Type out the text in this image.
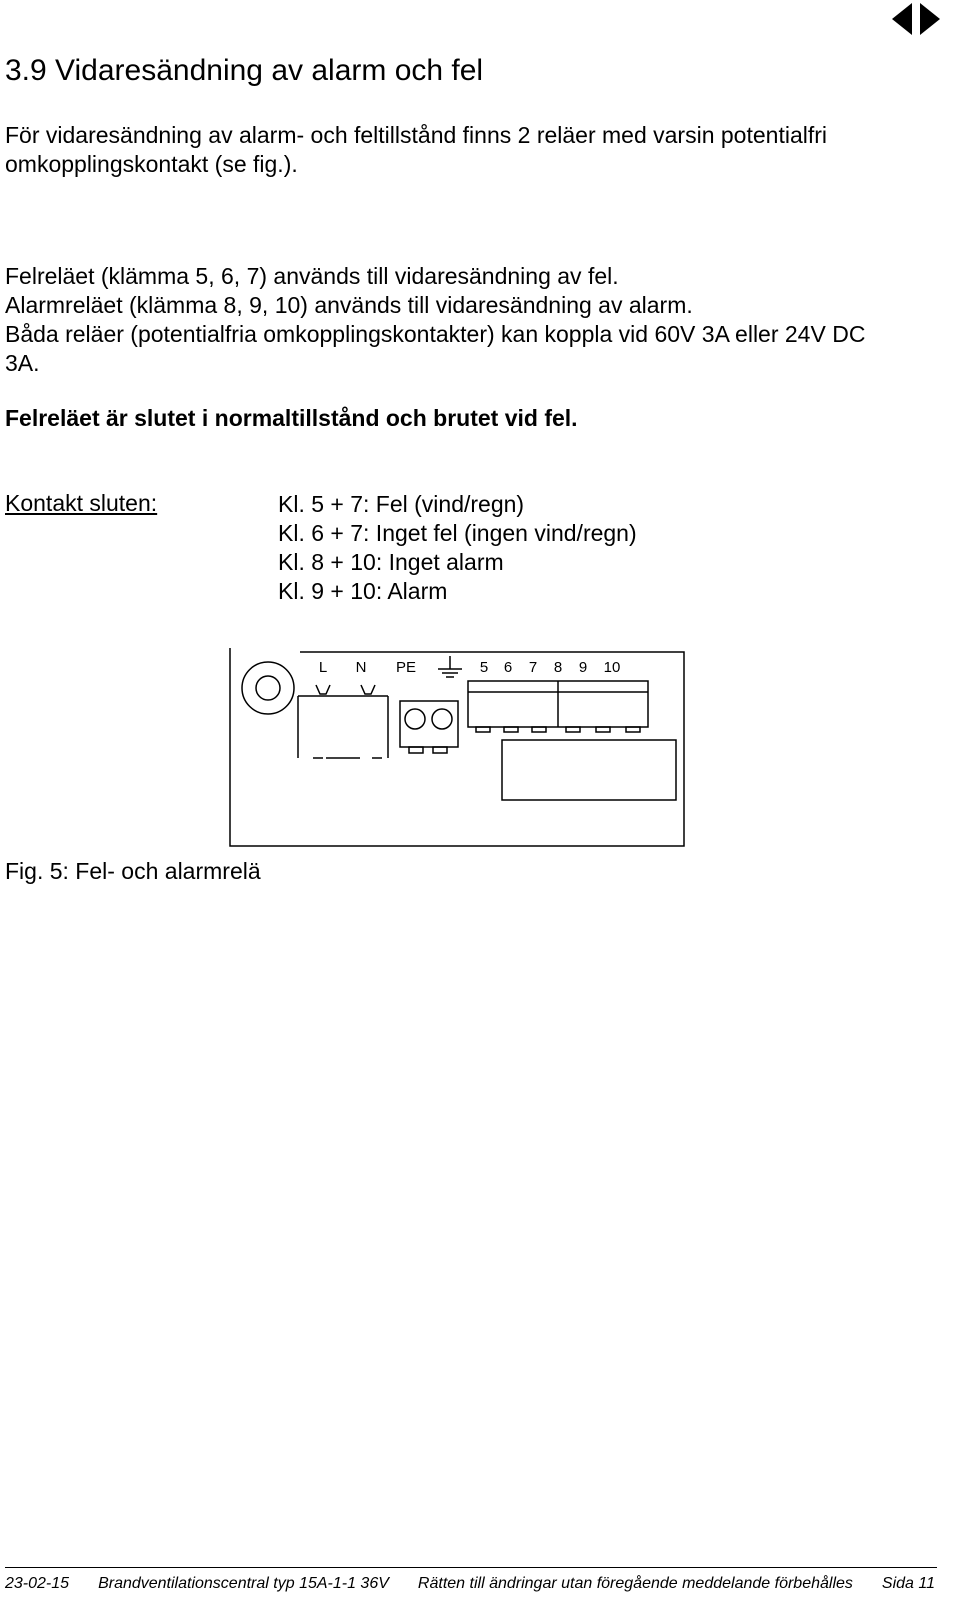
3.9 Vidaresändning av alarm och fel
För vidaresändning av alarm- och feltillstånd finns 2 reläer med varsin potentialfri
omkopplingskontakt (se fig.).
Felreläet (klämma 5, 6, 7) används till vidaresändning av fel.
Alarmreläet (klämma 8, 9, 10) används till vidaresändning av alarm.
Båda reläer (potentialfria omkopplingskontakter) kan koppla vid 60V 3A eller 24V DC
3A.
Felreläet är slutet i normaltillstånd och brutet vid fel.
Kontakt sluten:	Kl. 5 + 7: Fel (vind/regn)
Kl. 6 + 7: Inget fel (ingen vind/regn)
Kl. 8 + 10: Inget alarm
Kl. 9 + 10: Alarm
L N PE	5 6 7 8 9 10
Fig. 5: Fel- och alarmrelä
23-02-15 Brandventilationscentral typ 15A-1-1 36V Rätten till ändringar utan föregående meddelande förbehålles Sida 11
